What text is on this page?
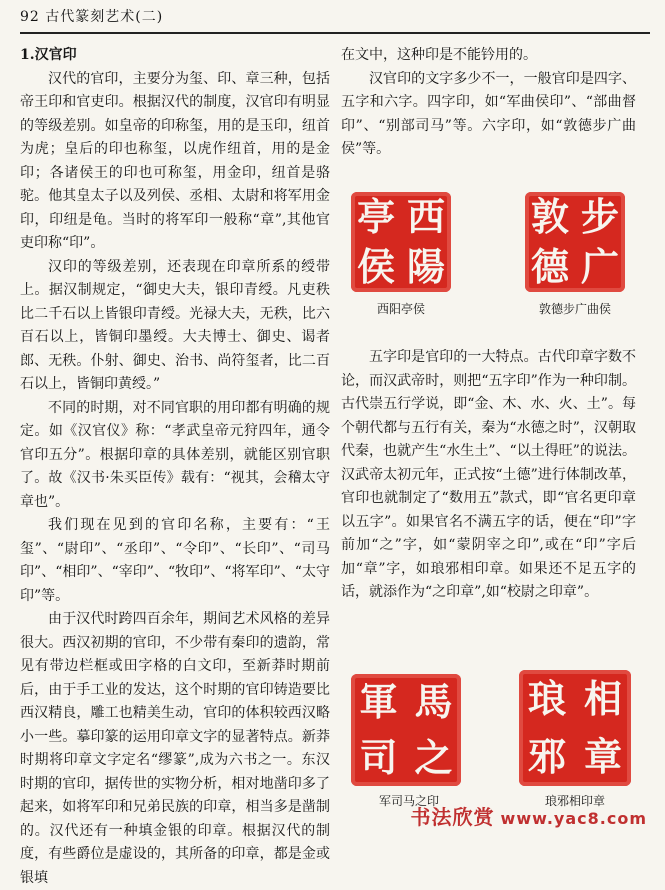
92 古代篆刻艺术(二)
1.汉官印

汉代的官印，主要分为玺、印、章三种，包括帝王印和官吏印。根据汉代的制度，汉官印有明显的等级差别。如皇帝的印称玺，用的是玉印，纽首为虎；皇后的印也称玺，以虎作纽首，用的是金印；各诸侯王的印也可称玺，用金印，纽首是骆驼。他其皇太子以及列侯、丞相、太尉和将军用金印，印纽是龟。当时的将军印一般称“章”,其他官吏印称“印”。

汉印的等级差别，还表现在印章所系的绶带上。据汉制规定，“御史大夫，银印青绶。凡吏秩比二千石以上皆银印青绶。光禄大夫，无秩，比六百石以上，皆铜印墨绶。大夫博士、御史、谒者郎、无秩。仆射、御史、治书、尚符玺者，比二百石以上，皆铜印黄绶。”

不同的时期，对不同官职的用印都有明确的规定。如《汉官仪》称：“孝武皇帝元狩四年，通令官印五分”。根据印章的具体差别，就能区别官职了。故《汉书·朱买臣传》载有：“视其，会稽太守章也”。

我们现在见到的官印名称，主要有：“王玺”、“尉印”、“丞印”、“令印”、“长印”、“司马印”、“相印”、“宰印”、“牧印”、“将军印”、“太守印”等。

由于汉代时跨四百余年，期间艺术风格的差异很大。西汉初期的官印，不少带有秦印的遗韵，常见有带边栏框或田字格的白文印，至新莽时期前后，由于手工业的发达，这个时期的官印铸造要比西汉精良，雕工也精美生动，官印的体积较西汉略小一些。摹印篆的运用印章文字的显著特点。新莽时期将印章文字定名“缪篆”,成为六书之一。东汉时期的官印，据传世的实物分析，相对地凿印多了起来，如将军印和兄弟民族的印章，相当多是凿制的。汉代还有一种填金银的印章。根据汉代的制度，有些爵位是虚设的，其所备的印章，都是金或银填

在文中，这种印是不能钤用的。

汉官印的文字多少不一，一般官印是四字、五字和六字。四字印，如“军曲侯印”、“部曲督印”、“别部司马”等。六字印，如“敦德步广曲侯”等。

亭 西
侯 陽
西阳亭侯
敦 步
德 广
敦德步广曲侯

五字印是官印的一大特点。古代印章字数不论，而汉武帝时，则把“五字印”作为一种印制。古代崇五行学说，即“金、木、水、火、土”。每个朝代都与五行有关，秦为“水德之时”，汉朝取代秦，也就产生“水生土”、“以土得旺”的说法。汉武帝太初元年，正式按“土德”进行体制改革，官印也就制定了“数用五”款式，即“官名更印章以五字”。如果官名不满五字的话，便在“印”字前加“之”字，如“蒙阴宰之印”,或在“印”字后加“章”字，如琅邪相印章。如果还不足五字的话，就添作为“之印章”,如“校尉之印章”。

軍 馬
司 之
军司马之印
琅 相
邪 章
琅邪相印章
书法欣赏 www.yac8.com
